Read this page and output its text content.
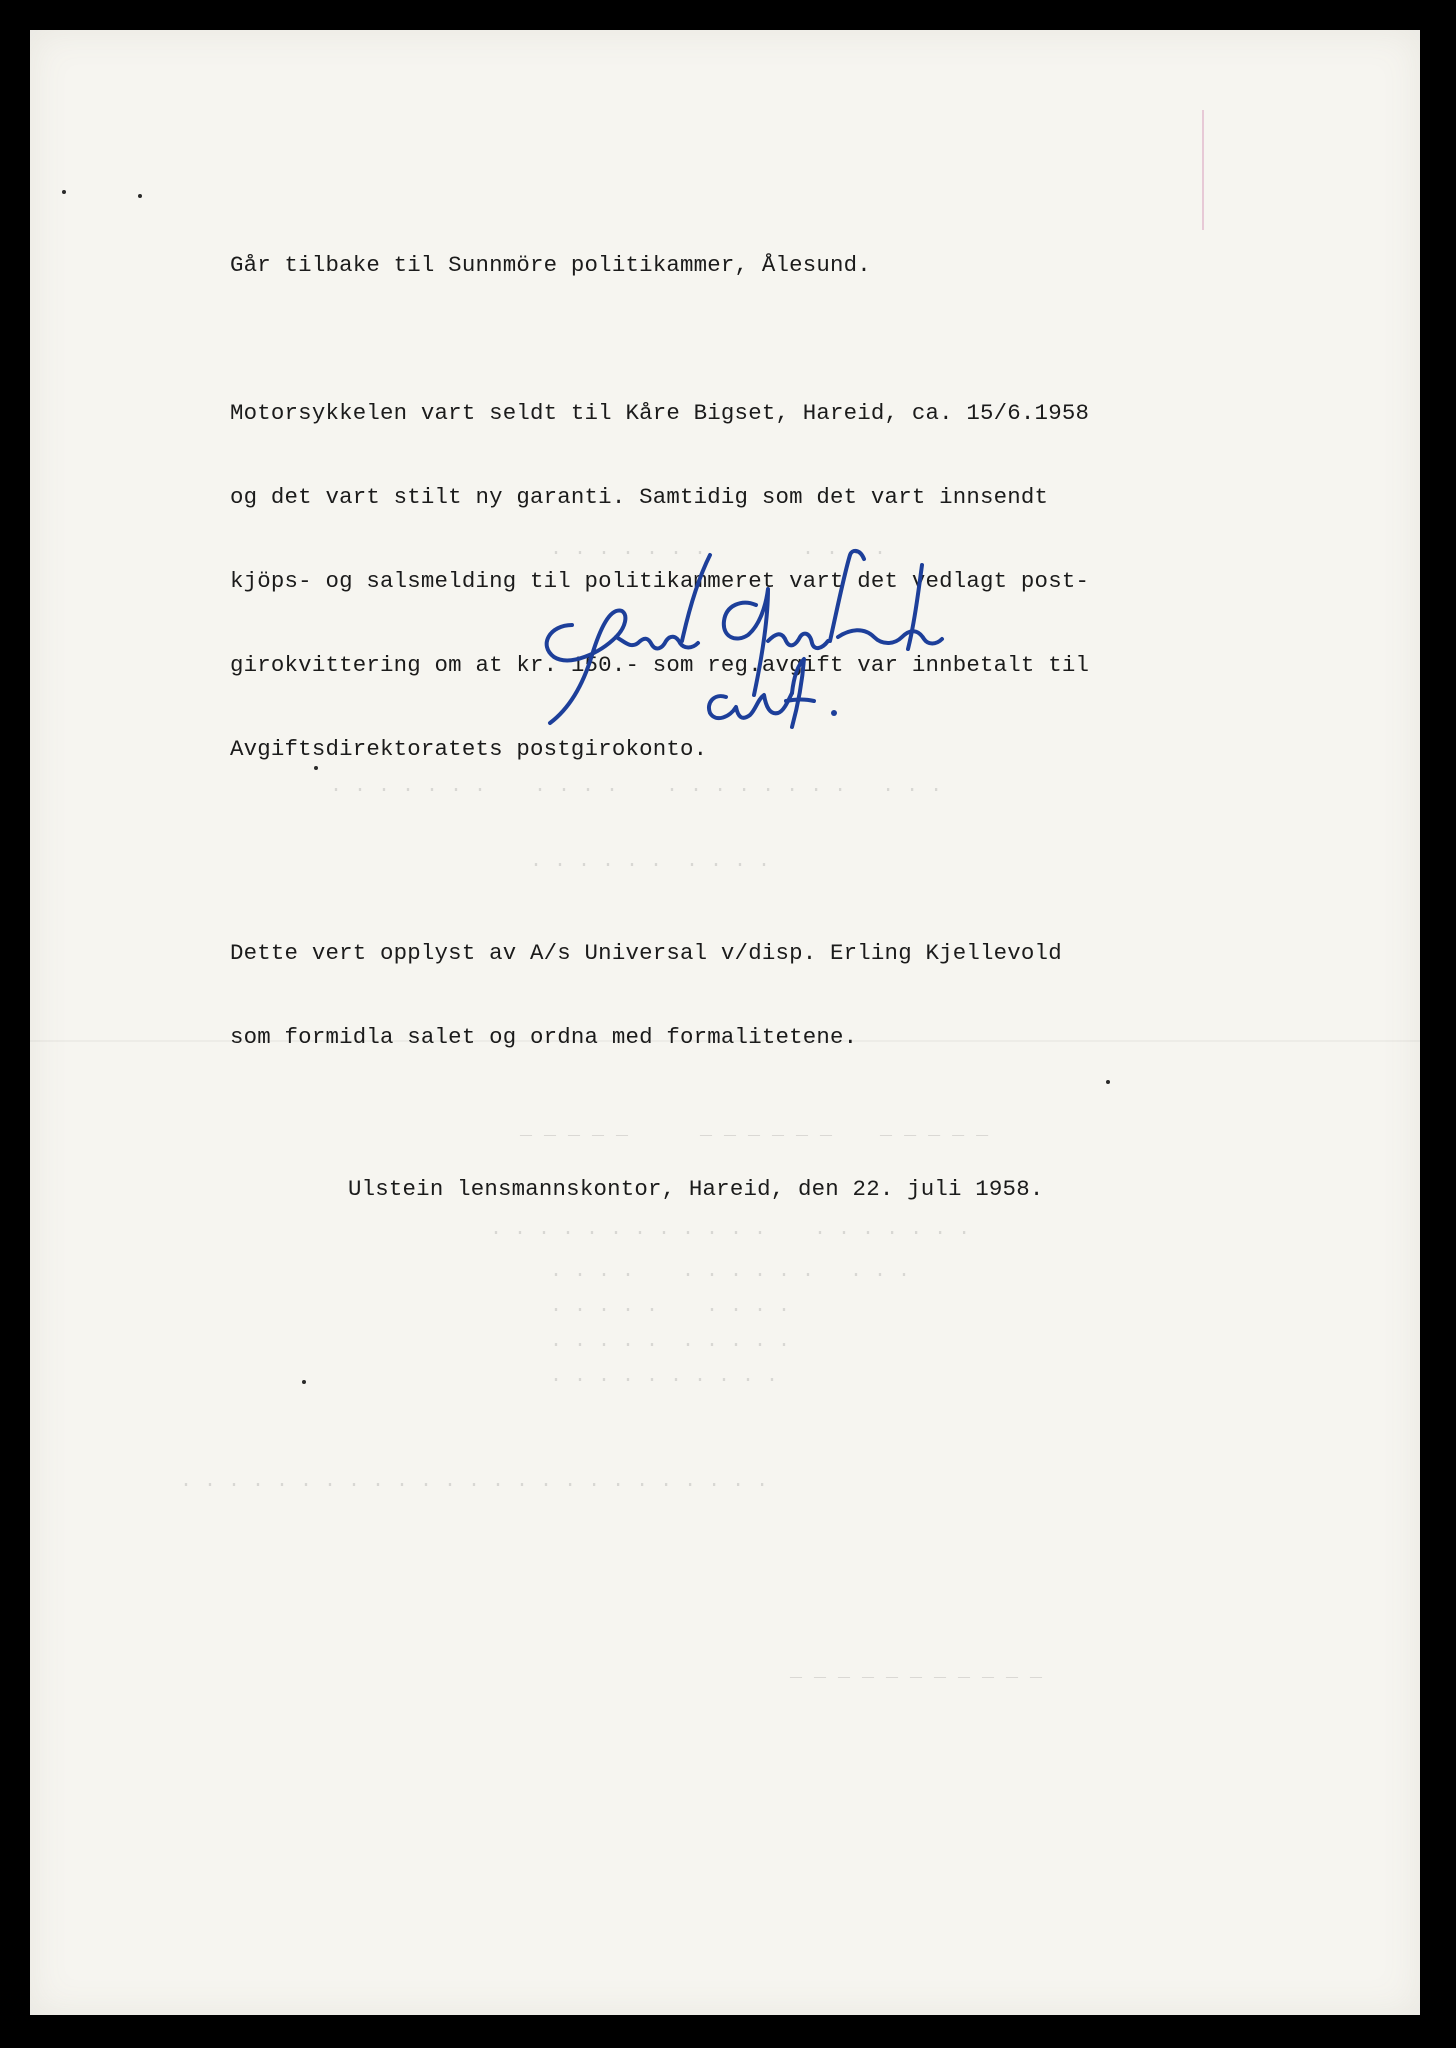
. . . . . . .        . . . .
. . . . . . .    . . . .    . . . . . . . .   . . .
. . . . . .  . . . .
_ _ _ _ _      _ _ _ _ _ _    _ _ _ _ _
. . . . . . . . . . . .    . . . . . . .
. . . .    . . . . . .   . . .
. . . . .    . . . .
. . . . .  . . . . .
. . . . . . . . . .
. . . . . . . . . . . . . . . . . . . . . . . . .
_ _ _ _ _ _ _ _ _ _ _

Går tilbake til Sunnmöre politikammer, Ålesund.

Motorsykkelen vart seldt til Kåre Bigset, Hareid, ca. 15/6.1958

og det vart stilt ny garanti. Samtidig som det vart innsendt

kjöps- og salsmelding til politikammeret vart det vedlagt post-

girokvittering om at kr. 150.- som reg.avgift var innbetalt til

Avgiftsdirektoratets postgirokonto.

Dette vert opplyst av A/s Universal v/disp. Erling Kjellevold

som formidla salet og ordna med formalitetene.

Ulstein lensmannskontor, Hareid, den 22. juli 1958.
